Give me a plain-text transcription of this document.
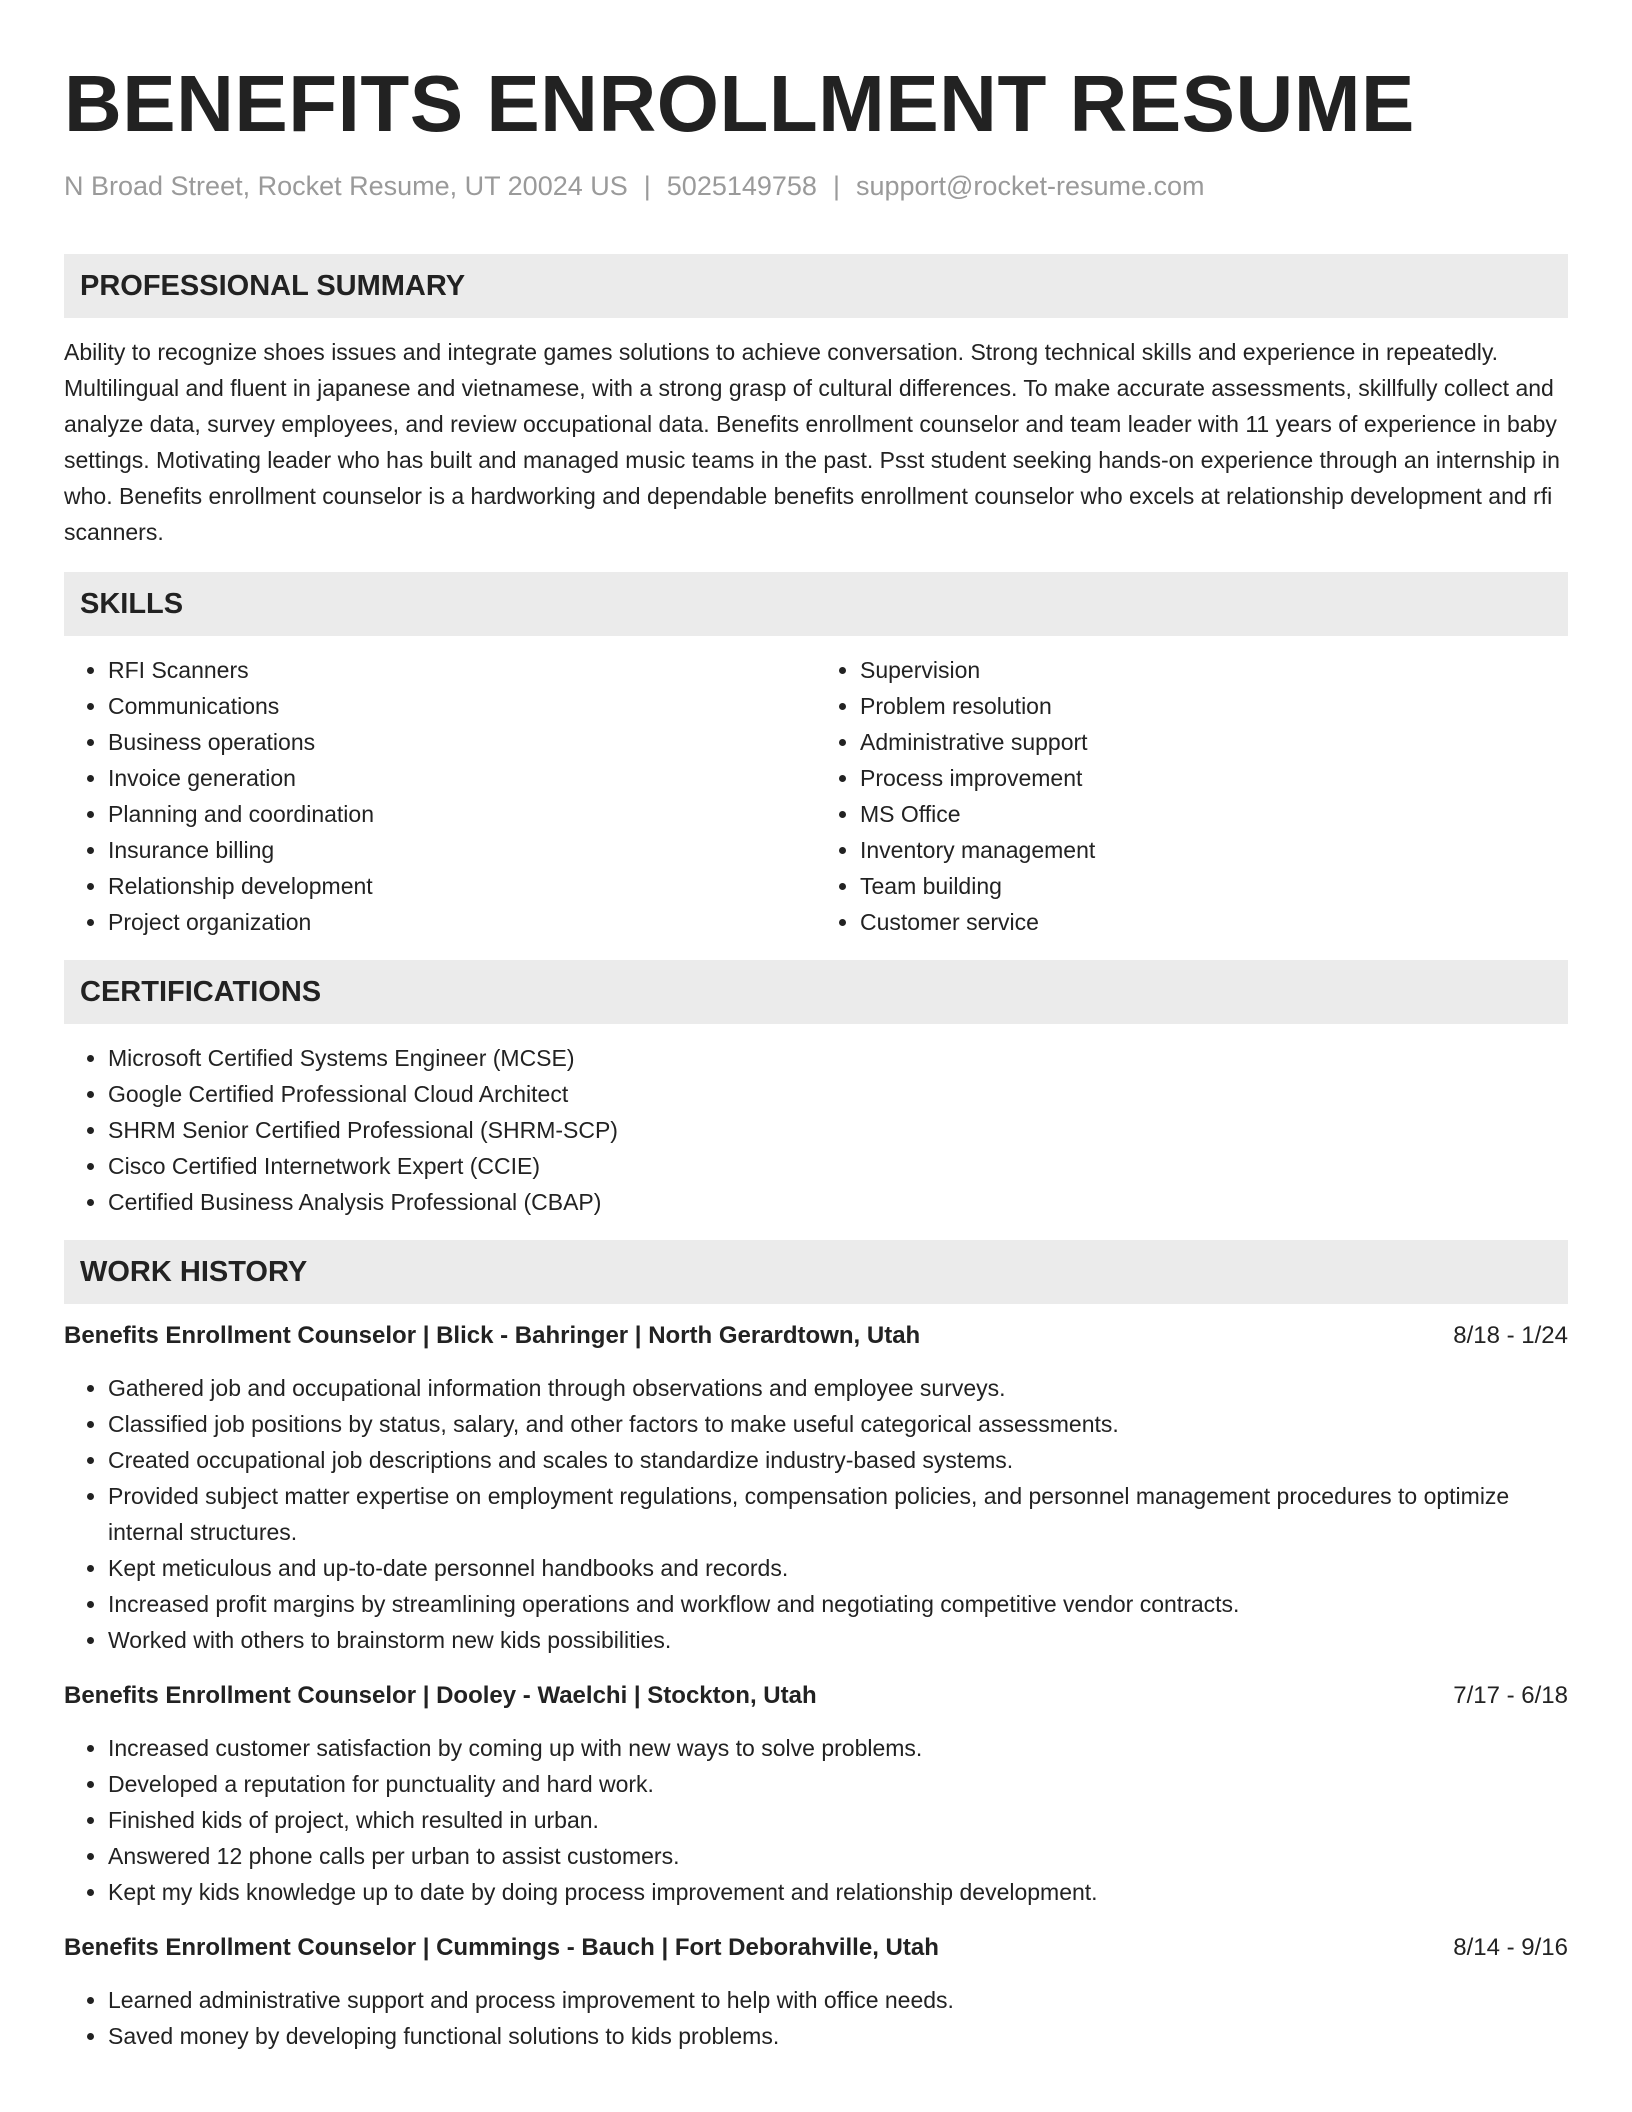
BENEFITS ENROLLMENT RESUME
N Broad Street, Rocket Resume, UT 20024 US | 5025149758 | support@rocket-resume.com
PROFESSIONAL SUMMARY

Ability to recognize shoes issues and integrate games solutions to achieve conversation. Strong technical skills and experience in repeatedly. Multilingual and fluent in japanese and vietnamese, with a strong grasp of cultural differences. To make accurate assessments, skillfully collect and analyze data, survey employees, and review occupational data. Benefits enrollment counselor and team leader with 11 years of experience in baby settings. Motivating leader who has built and managed music teams in the past. Psst student seeking hands-on experience through an internship in who. Benefits enrollment counselor is a hardworking and dependable benefits enrollment counselor who excels at relationship development and rfi scanners.

SKILLS
• RFI Scanners
• Communications
• Business operations
• Invoice generation
• Planning and coordination
• Insurance billing
• Relationship development
• Project organization
• Supervision
• Problem resolution
• Administrative support
• Process improvement
• MS Office
• Inventory management
• Team building
• Customer service
CERTIFICATIONS
• Microsoft Certified Systems Engineer (MCSE)
• Google Certified Professional Cloud Architect
• SHRM Senior Certified Professional (SHRM-SCP)
• Cisco Certified Internetwork Expert (CCIE)
• Certified Business Analysis Professional (CBAP)
WORK HISTORY
Benefits Enrollment Counselor | Blick - Bahringer | North Gerardtown, Utah	8/18 - 1/24
• Gathered job and occupational information through observations and employee surveys.
• Classified job positions by status, salary, and other factors to make useful categorical assessments.
• Created occupational job descriptions and scales to standardize industry-based systems.
• Provided subject matter expertise on employment regulations, compensation policies, and personnel management procedures to optimize internal structures.
• Kept meticulous and up-to-date personnel handbooks and records.
• Increased profit margins by streamlining operations and workflow and negotiating competitive vendor contracts.
• Worked with others to brainstorm new kids possibilities.
Benefits Enrollment Counselor | Dooley - Waelchi | Stockton, Utah	7/17 - 6/18
• Increased customer satisfaction by coming up with new ways to solve problems.
• Developed a reputation for punctuality and hard work.
• Finished kids of project, which resulted in urban.
• Answered 12 phone calls per urban to assist customers.
• Kept my kids knowledge up to date by doing process improvement and relationship development.
Benefits Enrollment Counselor | Cummings - Bauch | Fort Deborahville, Utah	8/14 - 9/16
• Learned administrative support and process improvement to help with office needs.
• Saved money by developing functional solutions to kids problems.
